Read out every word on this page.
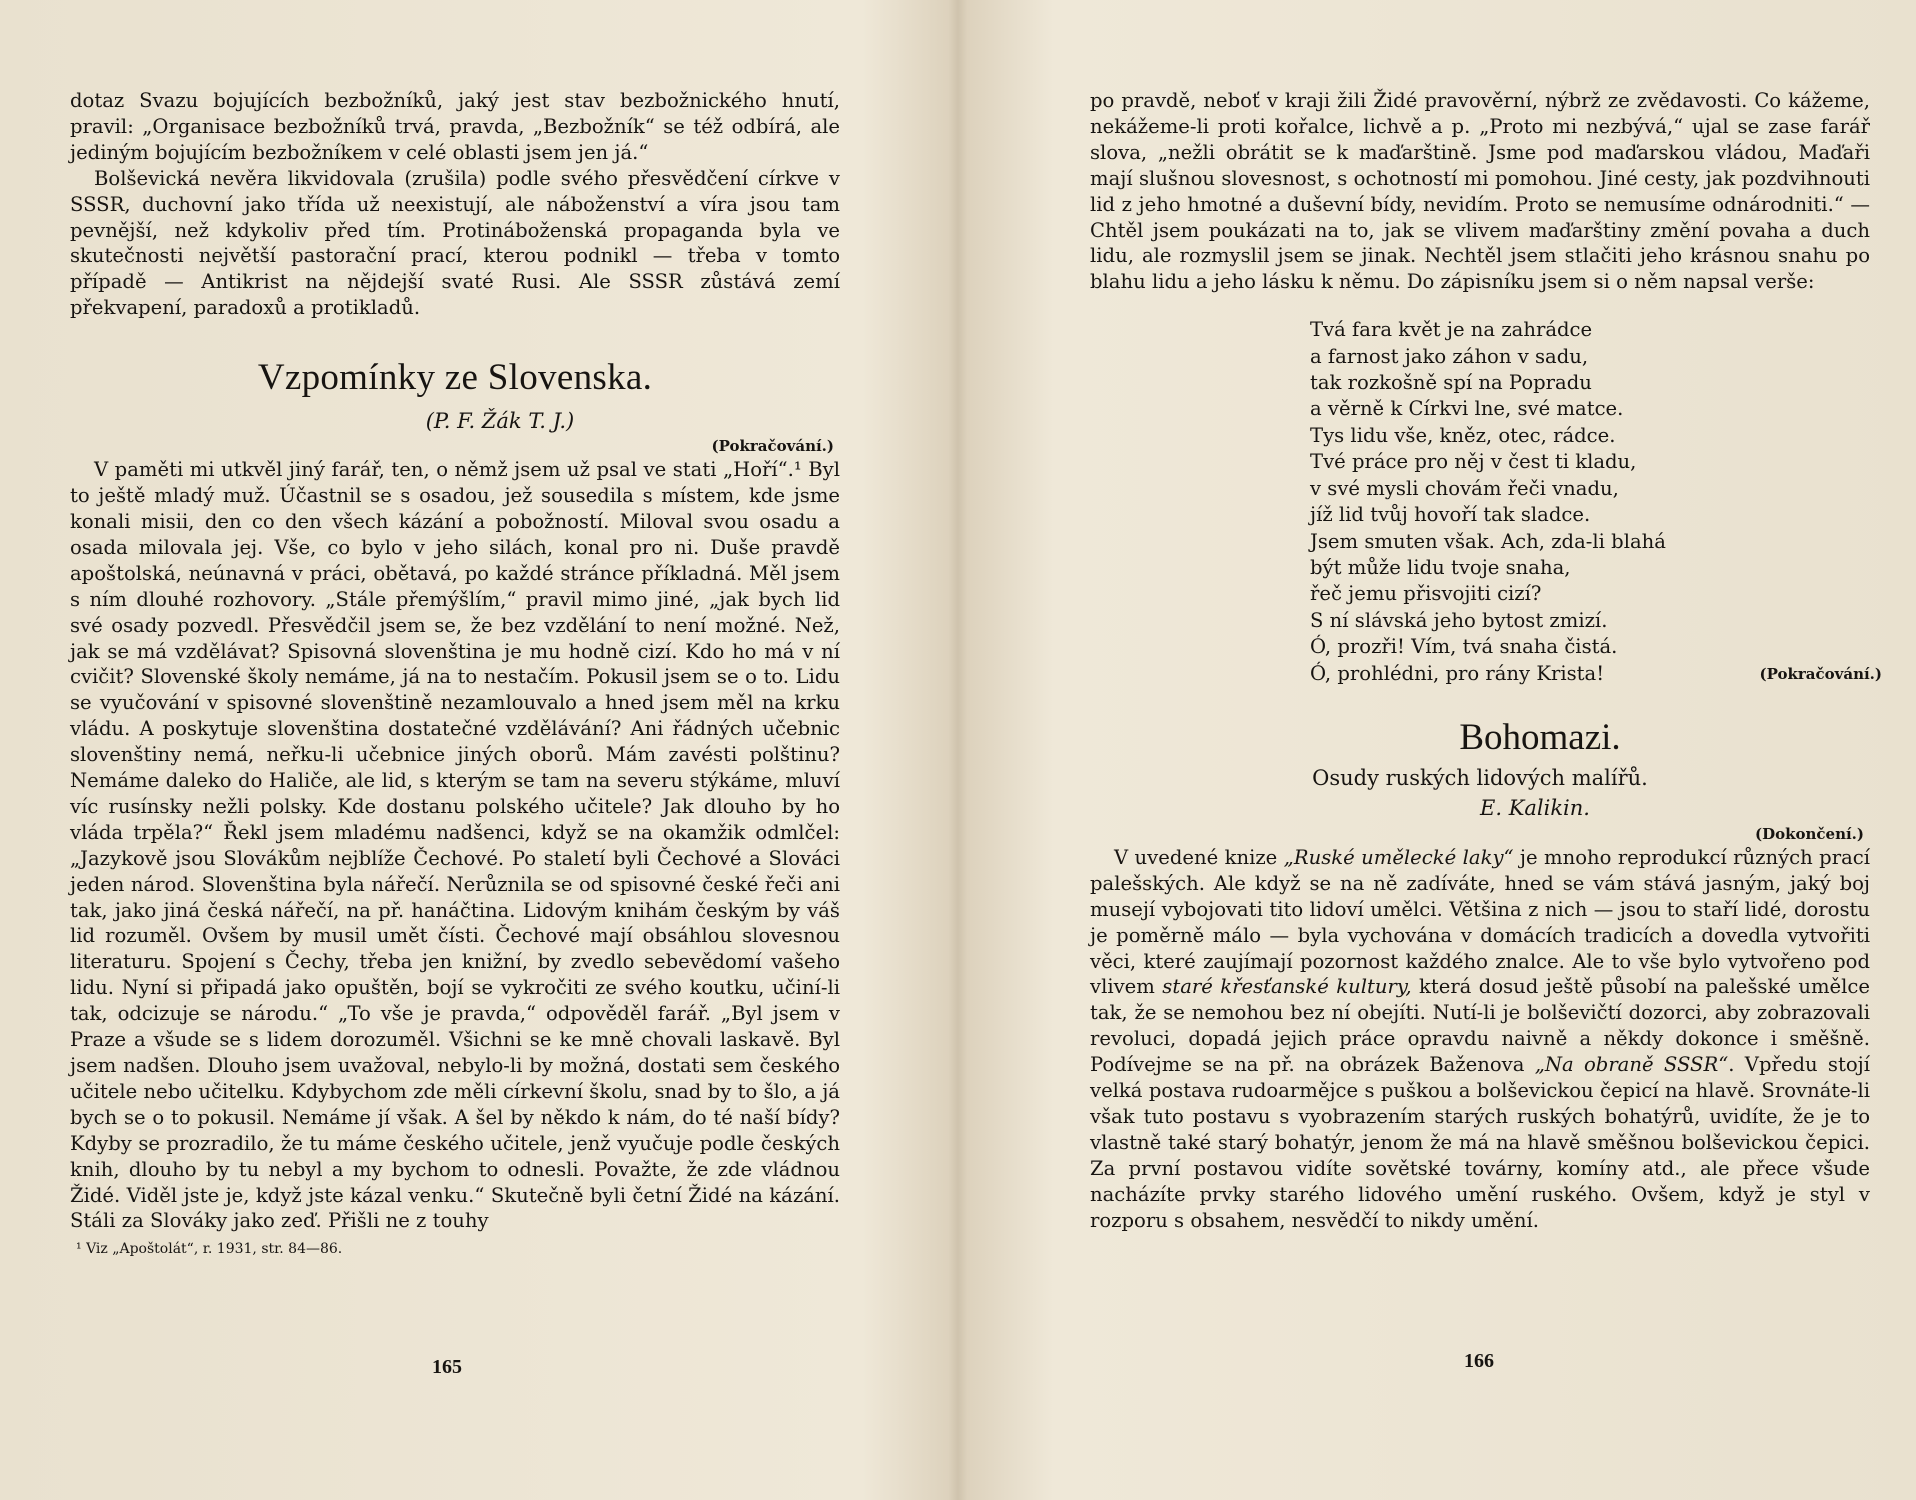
dotaz Svazu bojujících bezbožníků, jaký jest stav bezbožnického hnutí, pravil: „Organisace bezbožníků trvá, pravda, „Bezbožník“ se též odbírá, ale jediným bojujícím bezbožníkem v celé oblasti jsem jen já.“

Bolševická nevěra likvidovala (zrušila) podle svého přesvědčení církve v SSSR, duchovní jako třída už neexistují, ale náboženství a víra jsou tam pevnější, než kdykoliv před tím. Protináboženská propaganda byla ve skutečnosti největší pastorační prací, kterou podnikl — třeba v tomto případě — Antikrist na nějdejší svaté Rusi. Ale SSSR zůstává zemí překvapení, paradoxů a protikladů.

Vzpomínky ze Slovenska.
(P. F. Žák T. J.)
(Pokračování.)

V paměti mi utkvěl jiný farář, ten, o němž jsem už psal ve stati „Hoří“.¹ Byl to ještě mladý muž. Účastnil se s osadou, jež sousedila s místem, kde jsme konali misii, den co den všech kázání a pobožností. Miloval svou osadu a osada milovala jej. Vše, co bylo v jeho silách, konal pro ni. Duše pravdě apoštolská, neúnavná v práci, obětavá, po každé stránce příkladná. Měl jsem s ním dlouhé rozhovory. „Stále přemýšlím,“ pravil mimo jiné, „jak bych lid své osady pozvedl. Přesvědčil jsem se, že bez vzdělání to není možné. Než, jak se má vzdělávat? Spisovná slovenština je mu hodně cizí. Kdo ho má v ní cvičit? Slovenské školy nemáme, já na to nestačím. Pokusil jsem se o to. Lidu se vyučování v spisovné slovenštině nezamlouvalo a hned jsem měl na krku vládu. A poskytuje slovenština dostatečné vzdělávání? Ani řádných učebnic slovenštiny nemá, neřku-li učebnice jiných oborů. Mám zavésti polštinu? Nemáme daleko do Haliče, ale lid, s kterým se tam na severu stýkáme, mluví víc rusínsky nežli polsky. Kde dostanu polského učitele? Jak dlouho by ho vláda trpěla?“ Řekl jsem mladému nadšenci, když se na okamžik odmlčel: „Jazykově jsou Slovákům nejblíže Čechové. Po staletí byli Čechové a Slováci jeden národ. Slovenština byla nářečí. Nerůznila se od spisovné české řeči ani tak, jako jiná česká nářečí, na př. hanáčtina. Lidovým knihám českým by váš lid rozuměl. Ovšem by musil umět čísti. Čechové mají obsáhlou slovesnou literaturu. Spojení s Čechy, třeba jen knižní, by zvedlo sebevědomí vašeho lidu. Nyní si připadá jako opuštěn, bojí se vykročiti ze svého koutku, učiní-li tak, odcizuje se národu.“ „To vše je pravda,“ odpověděl farář. „Byl jsem v Praze a všude se s lidem dorozuměl. Všichni se ke mně chovali laskavě. Byl jsem nadšen. Dlouho jsem uvažoval, nebylo-li by možná, dostati sem českého učitele nebo učitelku. Kdybychom zde měli církevní školu, snad by to šlo, a já bych se o to pokusil. Nemáme jí však. A šel by někdo k nám, do té naší bídy? Kdyby se prozradilo, že tu máme českého učitele, jenž vyučuje podle českých knih, dlouho by tu nebyl a my bychom to odnesli. Považte, že zde vládnou Židé. Viděl jste je, když jste kázal venku.“ Skutečně byli četní Židé na kázání. Stáli za Slováky jako zeď. Přišli ne z touhy

¹ Viz „Apoštolát“, r. 1931, str. 84—86.
165

po pravdě, neboť v kraji žili Židé pravověrní, nýbrž ze zvědavosti. Co kážeme, nekážeme-li proti kořalce, lichvě a p. „Proto mi nezbývá,“ ujal se zase farář slova, „nežli obrátit se k maďarštině. Jsme pod maďarskou vládou, Maďaři mají slušnou slovesnost, s ochotností mi pomohou. Jiné cesty, jak pozdvihnouti lid z jeho hmotné a duševní bídy, nevidím. Proto se nemusíme odnárodniti.“ — Chtěl jsem poukázati na to, jak se vlivem maďarštiny změní povaha a duch lidu, ale rozmyslil jsem se jinak. Nechtěl jsem stlačiti jeho krásnou snahu po blahu lidu a jeho lásku k němu. Do zápisníku jsem si o něm napsal verše:

Tvá fara květ je na zahrádce
a farnost jako záhon v sadu,
tak rozkošně spí na Popradu
a věrně k Církvi lne, své matce.
Tys lidu vše, kněz, otec, rádce.
Tvé práce pro něj v čest ti kladu,
v své mysli chovám řeči vnadu,
jíž lid tvůj hovoří tak sladce.
Jsem smuten však. Ach, zda-li blahá
být může lidu tvoje snaha,
řeč jemu přisvojiti cizí?
S ní slávská jeho bytost zmizí.
Ó, prozři! Vím, tvá snaha čistá.
Ó, prohlédni, pro rány Krista!	(Pokračování.)
Bohomazi.
Osudy ruských lidových malířů.
E. Kalikin.
(Dokončení.)

V uvedené knize „Ruské umělecké laky“ je mnoho reprodukcí různých prací palešských. Ale když se na ně zadíváte, hned se vám stává jasným, jaký boj musejí vybojovati tito lidoví umělci. Většina z nich — jsou to staří lidé, dorostu je poměrně málo — byla vychována v domácích tradicích a dovedla vytvořiti věci, které zaujímají pozornost každého znalce. Ale to vše bylo vytvořeno pod vlivem staré křesťanské kultury, která dosud ještě působí na palešské umělce tak, že se nemohou bez ní obejíti. Nutí-li je bolševičtí dozorci, aby zobrazovali revoluci, dopadá jejich práce opravdu naivně a někdy dokonce i směšně. Podívejme se na př. na obrázek Baženova „Na obraně SSSR“. Vpředu stojí velká postava rudoarmějce s puškou a bolševickou čepicí na hlavě. Srovnáte-li však tuto postavu s vyobrazením starých ruských bohatýrů, uvidíte, že je to vlastně také starý bohatýr, jenom že má na hlavě směšnou bolševickou čepici. Za první postavou vidíte sovětské továrny, komíny atd., ale přece všude nacházíte prvky starého lidového umění ruského. Ovšem, když je styl v rozporu s obsahem, nesvědčí to nikdy umění.

166
